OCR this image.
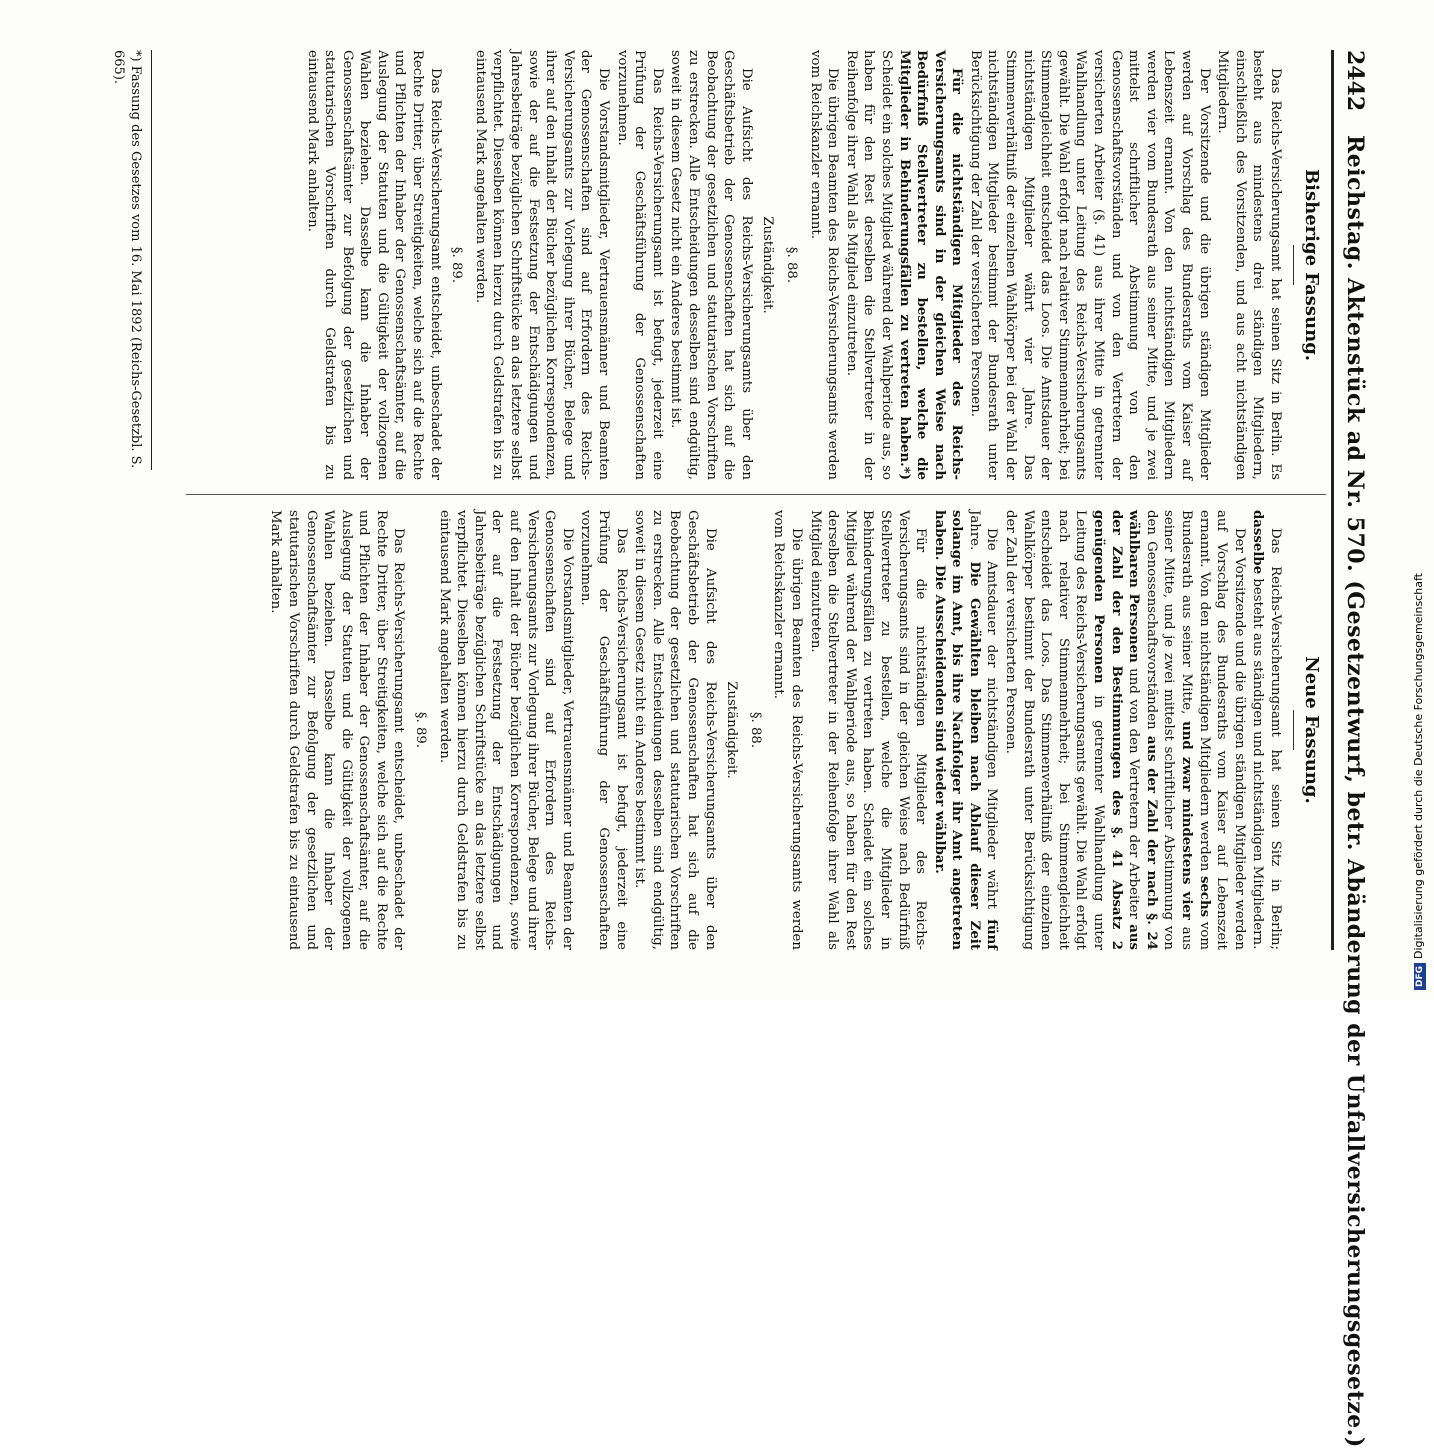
2442
Reichstag. Aktenstück ad Nr. 570. (Gesetzentwurf, betr. Abänderung der Unfallversicherungsgesetze.)
Bisherige Fassung.
Neue Fassung.

Das Reichs-Versicherungsamt hat seinen Sitz in Berlin. Es besteht aus mindestens drei ständigen Mitgliedern, einschließlich des Vorsitzenden, und aus acht nichtständigen Mitgliedern.

Der Vorsitzende und die übrigen ständigen Mitglieder werden auf Vorschlag des Bundesraths vom Kaiser auf Lebenszeit ernannt. Von den nichtständigen Mitgliedern werden vier vom Bundesrath aus seiner Mitte, und je zwei mittelst schriftlicher Abstimmung von den Genossenschaftsvorständen und von den Vertretern der versicherten Arbeiter (§. 41) aus ihrer Mitte in getrennter Wahlhandlung unter Leitung des Reichs-Versicherungsamts gewählt. Die Wahl erfolgt nach relativer Stimmenmehrheit; bei Stimmengleichheit entscheidet das Loos. Die Amtsdauer der nichtständigen Mitglieder währt vier Jahre. Das Stimmenverhältniß der einzelnen Wahlkörper bei der Wahl der nichtständigen Mitglieder bestimmt der Bundesrath unter Berücksichtigung der Zahl der versicherten Personen.

Für die nichtständigen Mitglieder des Reichs-Versicherungsamts sind in der gleichen Weise nach Bedürfniß Stellvertreter zu bestellen, welche die Mitglieder in Behinderungsfällen zu vertreten haben.*) Scheidet ein solches Mitglied während der Wahlperiode aus, so haben für den Rest derselben die Stellvertreter in der Reihenfolge ihrer Wahl als Mitglied einzutreten.

Die übrigen Beamten des Reichs-Versicherungsamts werden vom Reichskanzler ernannt.

§. 88.

Zuständigkeit.

Die Aufsicht des Reichs-Versicherungsamts über den Geschäftsbetrieb der Genossenschaften hat sich auf die Beobachtung der gesetzlichen und statutarischen Vorschriften zu erstrecken. Alle Entscheidungen desselben sind endgültig, soweit in diesem Gesetz nicht ein Anderes bestimmt ist.

Das Reichs-Versicherungsamt ist befugt, jederzeit eine Prüfung der Geschäftsführung der Genossenschaften vorzunehmen.

Die Vorstandsmitglieder, Vertrauensmänner und Beamten der Genossenschaften sind auf Erfordern des Reichs-Versicherungsamts zur Vorlegung ihrer Bücher, Belege und ihrer auf den Inhalt der Bücher bezüglichen Korrespondenzen, sowie der auf die Festsetzung der Entschädigungen und Jahresbeiträge bezüglichen Schriftstücke an das letztere selbst verpflichtet. Dieselben können hierzu durch Geldstrafen bis zu eintausend Mark angehalten werden.

§. 89.

Das Reichs-Versicherungsamt entscheidet, unbeschadet der Rechte Dritter, über Streitigkeiten, welche sich auf die Rechte und Pflichten der Inhaber der Genossenschaftsämter, auf die Auslegung der Statuten und die Gültigkeit der vollzogenen Wahlen beziehen. Dasselbe kann die Inhaber der Genossenschaftsämter zur Befolgung der gesetzlichen und statutarischen Vorschriften durch Geldstrafen bis zu eintausend Mark anhalten.

Das Reichs-Versicherungsamt hat seinen Sitz in Berlin; dasselbe besteht aus ständigen und nichtständigen Mitgliedern.

Der Vorsitzende und die übrigen ständigen Mitglieder werden auf Vorschlag des Bundesraths vom Kaiser auf Lebenszeit ernannt. Von den nichtständigen Mitgliedern werden sechs vom Bundesrath aus seiner Mitte, und zwar mindestens vier aus seiner Mitte, und je zwei mittelst schriftlicher Abstimmung von den Genossenschaftsvorständen aus der Zahl der nach §. 24 wählbaren Personen und von den Vertretern der Arbeiter aus der Zahl der den Bestimmungen des §. 41 Absatz 2 genügenden Personen in getrennter Wahlhandlung unter Leitung des Reichs-Versicherungsamts gewählt. Die Wahl erfolgt nach relativer Stimmenmehrheit; bei Stimmengleichheit entscheidet das Loos. Das Stimmenverhältniß der einzelnen Wahlkörper bestimmt der Bundesrath unter Berücksichtigung der Zahl der versicherten Personen.

Die Amtsdauer der nichtständigen Mitglieder währt fünf Jahre. Die Gewählten bleiben nach Ablauf dieser Zeit solange im Amt, bis ihre Nachfolger ihr Amt angetreten haben. Die Ausscheidenden sind wieder wählbar.

Für die nichtständigen Mitglieder des Reichs-Versicherungsamts sind in der gleichen Weise nach Bedürfniß Stellvertreter zu bestellen, welche die Mitglieder in Behinderungsfällen zu vertreten haben. Scheidet ein solches Mitglied während der Wahlperiode aus, so haben für den Rest derselben die Stellvertreter in der Reihenfolge ihrer Wahl als Mitglied einzutreten.

Die übrigen Beamten des Reichs-Versicherungsamts werden vom Reichskanzler ernannt.

§. 88.

Zuständigkeit.

Die Aufsicht des Reichs-Versicherungsamts über den Geschäftsbetrieb der Genossenschaften hat sich auf die Beobachtung der gesetzlichen und statutarischen Vorschriften zu erstrecken. Alle Entscheidungen desselben sind endgültig, soweit in diesem Gesetz nicht ein Anderes bestimmt ist.

Das Reichs-Versicherungsamt ist befugt, jederzeit eine Prüfung der Geschäftsführung der Genossenschaften vorzunehmen.

Die Vorstandsmitglieder, Vertrauensmänner und Beamten der Genossenschaften sind auf Erfordern des Reichs-Versicherungsamts zur Vorlegung ihrer Bücher, Belege und ihrer auf den Inhalt der Bücher bezüglichen Korrespondenzen, sowie der auf die Festsetzung der Entschädigungen und Jahresbeiträge bezüglichen Schriftstücke an das letztere selbst verpflichtet. Dieselben können hierzu durch Geldstrafen bis zu eintausend Mark angehalten werden.

§. 89.

Das Reichs-Versicherungsamt entscheidet, unbeschadet der Rechte Dritter, über Streitigkeiten, welche sich auf die Rechte und Pflichten der Inhaber der Genossenschaftsämter, auf die Auslegung der Statuten und die Gültigkeit der vollzogenen Wahlen beziehen. Dasselbe kann die Inhaber der Genossenschaftsämter zur Befolgung der gesetzlichen und statutarischen Vorschriften durch Geldstrafen bis zu eintausend Mark anhalten.

*) Fassung des Gesetzes vom 16. Mai 1892 (Reichs-Gesetzbl. S. 665).
DFGDigitalisierung gefördert durch die Deutsche Forschungsgemeinschaft
